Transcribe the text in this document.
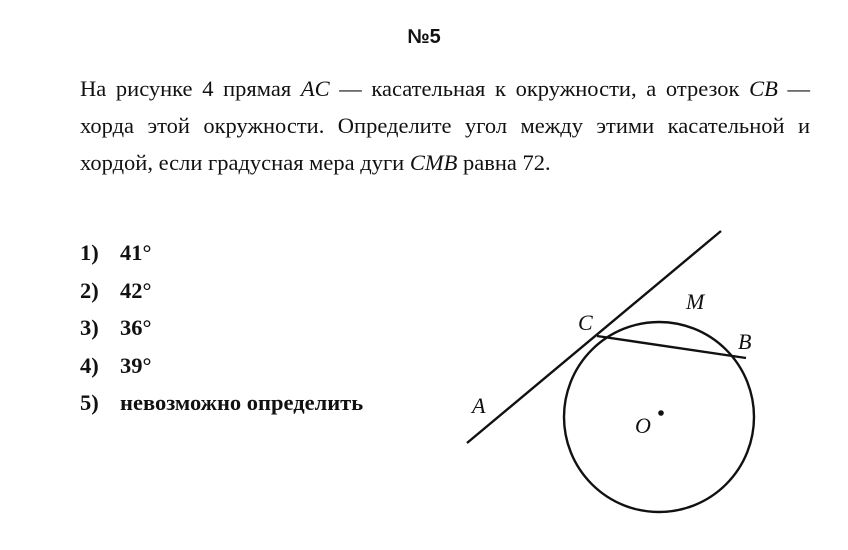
№5
На рисунке 4 прямая AC — касательная к окружности, а отрезок CB — хорда этой окружности. Определите угол между этими касательной и хордой, если градусная мера дуги CMB равна 72.
1) 41°
2) 42°
3) 36°
4) 39°
5) невозможно определить	A
C
M
B
O
